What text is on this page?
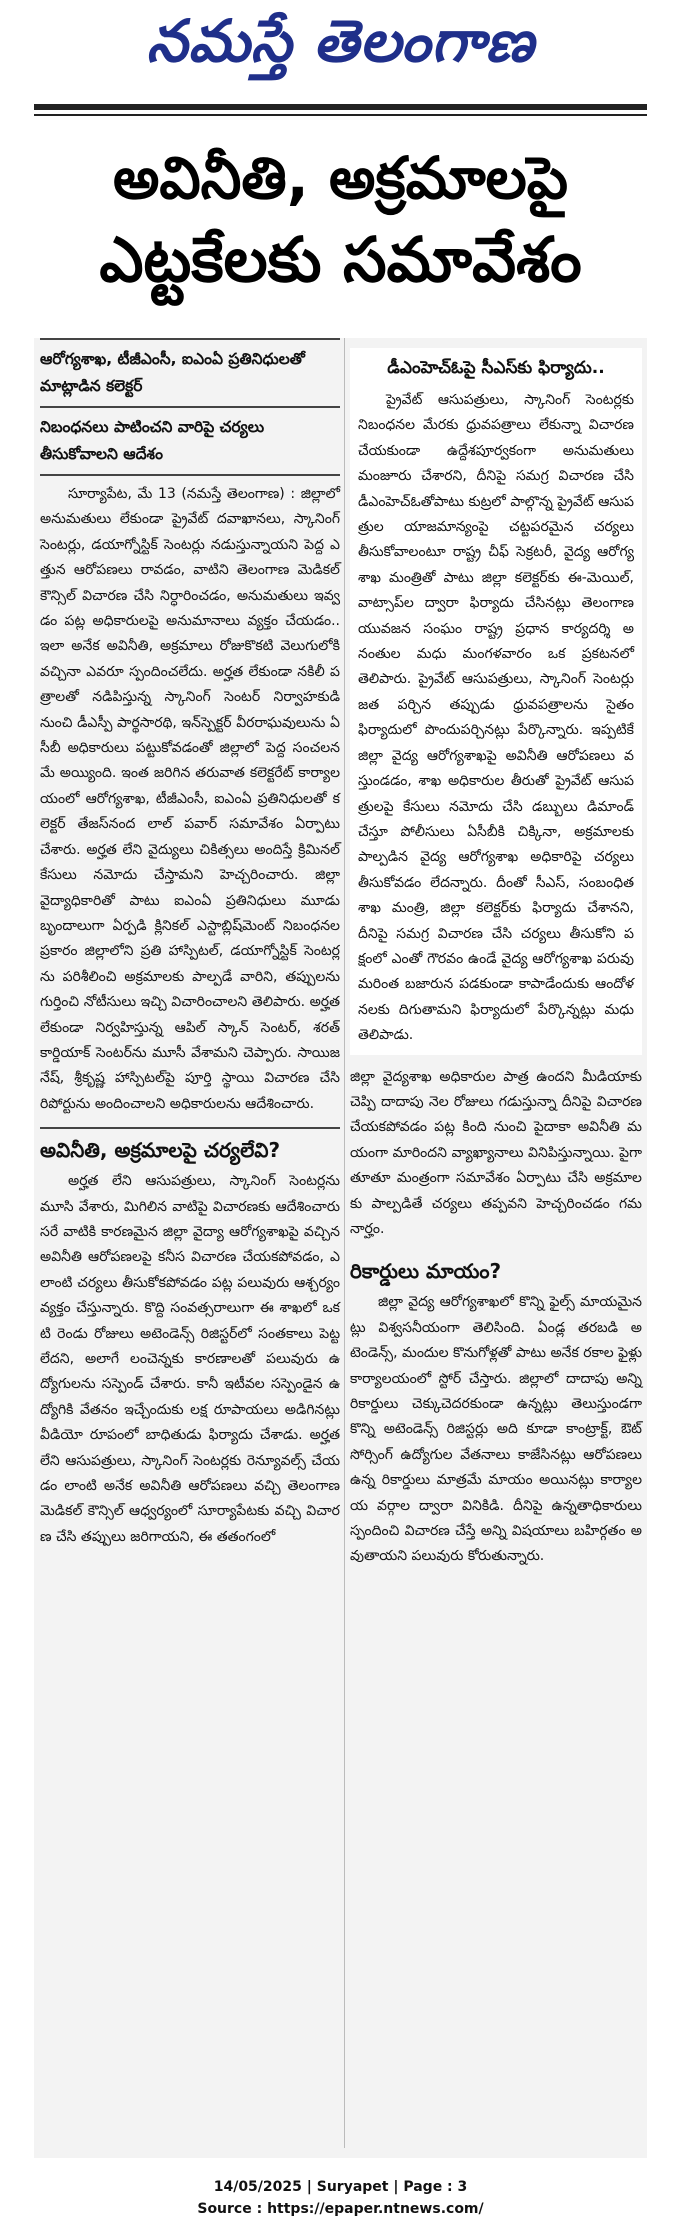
నమస్తే తెలంగాణ
అవినీతి, అక్రమాలపై
ఎట్టకేలకు సమావేశం

ఆరోగ్యశాఖ, టీజీఎంసీ, ఐఎంఏ ప్రతినిధులతో మాట్లాడిన కలెక్టర్

నిబంధనలు పాటించని వారిపై చర్యలు తీసుకోవాలని ఆదేశం

సూర్యాపేట, మే 13 (నమస్తే తెలంగాణ) : జిల్లాలో అనుమతులు లేకుండా ప్రైవేట్ దవాఖానలు, స్కానింగ్ సెంటర్లు, డయాగ్నోస్టిక్ సెంటర్లు నడుస్తున్నాయని పెద్ద ఎత్తున ఆరోపణలు రావడం, వాటిని తెలంగాణ మెడికల్ కౌన్సిల్ విచారణ చేసి నిర్ధారించడం, అనుమతులు ఇవ్వడం పట్ల అధికారులపై అనుమానాలు వ్యక్తం చేయడం.. ఇలా అనేక అవినీతి, అక్రమాలు రోజుకొకటి వెలుగులోకి వచ్చినా ఎవరూ స్పందించలేదు. అర్హత లేకుండా నకిలీ పత్రాలతో నడిపిస్తున్న స్కానింగ్ సెంటర్ నిర్వాహకుడి నుంచి డీఎస్పీ పార్థసారథి, ఇన్‌స్పెక్టర్ వీరరాఘవులును ఏసీబీ అధికారులు పట్టుకోవడంతో జిల్లాలో పెద్ద సంచలనమే అయ్యింది. ఇంత జరిగిన తరువాత కలెక్టరేట్ కార్యాలయంలో ఆరోగ్యశాఖ, టీజీఎంసీ, ఐఎంఏ ప్రతినిధులతో కలెక్టర్ తేజస్‌నంద లాల్ పవార్ సమావేశం ఏర్పాటు చేశారు. అర్హత లేని వైద్యులు చికిత్సలు అందిస్తే క్రిమినల్ కేసులు నమోదు చేస్తామని హెచ్చరించారు. జిల్లా వైద్యాధికారితో పాటు ఐఎంఏ ప్రతినిధులు మూడు బృందాలుగా ఏర్పడి క్లినికల్ ఎస్టాబ్లిష్‌మెంట్ నిబంధనల ప్రకారం జిల్లాలోని ప్రతి హాస్పిటల్, డయాగ్నోస్టిక్ సెంటర్లను పరిశీలించి అక్రమాలకు పాల్పడే వారిని, తప్పులను గుర్తించి నోటీసులు ఇచ్చి విచారించాలని తెలిపారు. అర్హత లేకుండా నిర్వహిస్తున్న ఆపిల్ స్కాన్ సెంటర్, శరత్ కార్డియాక్ సెంటర్‌ను మూసీ వేశామని చెప్పారు. సాయిజనేష్, శ్రీకృష్ణ హాస్పిటల్‌పై పూర్తి స్థాయి విచారణ చేసి రిపోర్టును అందించాలని అధికారులను ఆదేశించారు.

అవినీతి, అక్రమాలపై చర్యలేవి?

అర్హత లేని ఆసుపత్రులు, స్కానింగ్ సెంటర్లను మూసి వేశారు, మిగిలిన వాటిపై విచారణకు ఆదేశించారు సరే వాటికి కారణమైన జిల్లా వైద్యా ఆరోగ్యశాఖపై వచ్చిన అవినీతి ఆరోపణలపై కనీస విచారణ చేయకపోవడం, ఎలాంటి చర్యలు తీసుకోకపోవడం పట్ల పలువురు ఆశ్చర్యం వ్యక్తం చేస్తున్నారు. కొద్ది సంవత్సరాలుగా ఈ శాఖలో ఒకటి రెండు రోజులు అటెండెన్స్ రిజిస్టర్‌లో సంతకాలు పెట్టలేదని, అలాగే లంచెన్నకు కారణాలతో పలువురు ఉద్యోగులను సస్పెండ్ చేశారు. కానీ ఇటీవల సస్పెండైన ఉద్యోగికి వేతనం ఇచ్చేందుకు లక్ష రూపాయలు అడిగినట్లు వీడియో రూపంలో బాధితుడు ఫిర్యాదు చేశాడు. అర్హత లేని ఆసుపత్రులు, స్కానింగ్ సెంటర్లకు రెన్యూవల్స్ చేయడం లాంటి అనేక అవినీతి ఆరోపణలు వచ్చి తెలంగాణ మెడికల్ కౌన్సిల్ ఆధ్వర్యంలో సూర్యాపేటకు వచ్చి విచారణ చేసి తప్పులు జరిగాయని, ఈ తతంగంలో

డీఎంహెచ్‌ఓపై సీఎస్‌కు ఫిర్యాదు..

ప్రైవేట్ ఆసుపత్రులు, స్కానింగ్ సెంటర్లకు నిబంధనల మేరకు ధ్రువపత్రాలు లేకున్నా విచారణ చేయకుండా ఉద్దేశపూర్వకంగా అనుమతులు మంజూరు చేశారని, దీనిపై సమగ్ర విచారణ చేసి డీఎంహెచ్‌ఓతోపాటు కుట్రలో పాల్గొన్న ప్రైవేట్ ఆసుపత్రుల యాజమాన్యంపై చట్టపరమైన చర్యలు తీసుకోవాలంటూ రాష్ట్ర చీఫ్ సెక్రటరీ, వైద్య ఆరోగ్యశాఖ మంత్రితో పాటు జిల్లా కలెక్టర్‌కు ఈ-మెయిల్, వాట్సాప్‌ల ద్వారా ఫిర్యాదు చేసినట్లు తెలంగాణ యువజన సంఘం రాష్ట్ర ప్రధాన కార్యదర్శి అనంతుల మధు మంగళవారం ఒక ప్రకటనలో తెలిపారు. ప్రైవేట్ ఆసుపత్రులు, స్కానింగ్ సెంటర్లు జత పర్చిన తప్పుడు ధ్రువపత్రాలను సైతం ఫిర్యాదులో పొందుపర్చినట్లు పేర్కొన్నారు. ఇప్పటికే జిల్లా వైద్య ఆరోగ్యశాఖపై అవినీతి ఆరోపణలు వస్తుండడం, శాఖ అధికారుల తీరుతో ప్రైవేట్ ఆసుపత్రులపై కేసులు నమోదు చేసి డబ్బులు డిమాండ్ చేస్తూ పోలీసులు ఏసీబీకి చిక్కినా, అక్రమాలకు పాల్పడిన వైద్య ఆరోగ్యశాఖ అధికారిపై చర్యలు తీసుకోవడం లేదన్నారు. దీంతో సీఎస్, సంబంధిత శాఖ మంత్రి, జిల్లా కలెక్టర్‌కు ఫిర్యాదు చేశానని, దీనిపై సమగ్ర విచారణ చేసి చర్యలు తీసుకోని పక్షంలో ఎంతో గౌరవం ఉండే వైద్య ఆరోగ్యశాఖ పరువు మరింత బజారున పడకుండా కాపాడేందుకు ఆందోళనలకు దిగుతామని ఫిర్యాదులో పేర్కొన్నట్లు మధు తెలిపాడు.

జిల్లా వైద్యశాఖ అధికారుల పాత్ర ఉందని మీడియాకు చెప్పి దాదాపు నెల రోజులు గడుస్తున్నా దీనిపై విచారణ చేయకపోవడం పట్ల కింది నుంచి పైదాకా అవినీతి మయంగా మారిందని వ్యాఖ్యానాలు వినిపిస్తున్నాయి. పైగా తూతూ మంత్రంగా సమావేశం ఏర్పాటు చేసి అక్రమాలకు పాల్పడితే చర్యలు తప్పవని హెచ్చరించడం గమనార్హం.

రికార్డులు మాయం?

జిల్లా వైద్య ఆరోగ్యశాఖలో కొన్ని ఫైల్స్ మాయమైనట్లు విశ్వసనీయంగా తెలిసింది. ఏండ్ల తరబడి అటెండెన్స్, మందుల కొనుగోళ్లతో పాటు అనేక రకాల ఫైళ్లు కార్యాలయంలో స్టోర్ చేస్తారు. జిల్లాలో దాదాపు అన్ని రికార్డులు చెక్కుచెదరకుండా ఉన్నట్లు తెలుస్తుండగా కొన్ని అటెండెన్స్ రిజిస్టర్లు అది కూడా కాంట్రాక్ట్, ఔట్ సోర్సింగ్ ఉద్యోగుల వేతనాలు కాజేసినట్లు ఆరోపణలు ఉన్న రికార్డులు మాత్రమే మాయం అయినట్లు కార్యాలయ వర్గాల ద్వారా వినికిడి. దీనిపై ఉన్నతాధికారులు స్పందించి విచారణ చేస్తే అన్ని విషయాలు బహిర్గతం అవుతాయని పలువురు కోరుతున్నారు.

14/05/2025 | Suryapet | Page : 3
Source : https://epaper.ntnews.com/
